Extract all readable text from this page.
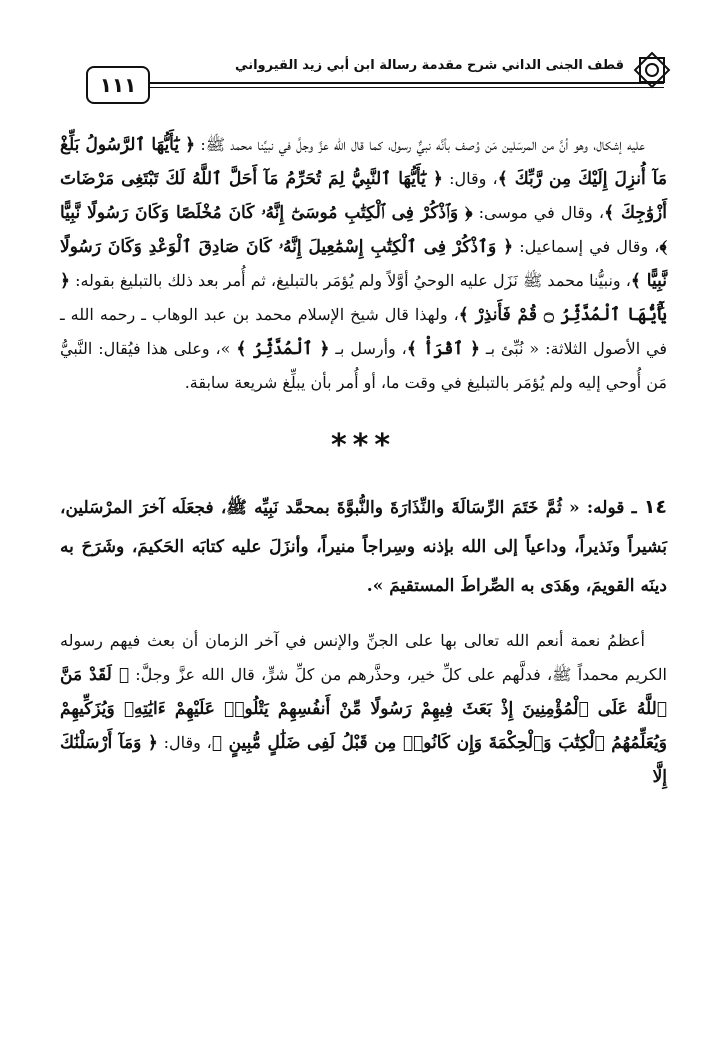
١١١
قطف الجنى الداني شرح مقدمة رسالة ابن أبي زيد القيرواني

عليه إشكال، وهو أنَّ من المرسَلين مَن وُصف بأنَّه نبيٌّ رسول، كما قال الله عزَّ وجلَّ في نبيِّنا محمد ﷺ: ﴿ يَٰٓأَيُّهَا ٱلرَّسُولُ بَلِّغْ مَآ أُنزِلَ إِلَيْكَ مِن رَّبِّكَ ﴾، وقال: ﴿ يَٰٓأَيُّهَا ٱلنَّبِيُّ لِمَ تُحَرِّمُ مَآ أَحَلَّ ٱللَّهُ لَكَ تَبْتَغِى مَرْضَاتَ أَزْوَٰجِكَ ﴾، وقال في موسى: ﴿ وَٱذْكُرْ فِى ٱلْكِتَٰبِ مُوسَىٰٓ إِنَّهُۥ كَانَ مُخْلَصًا وَكَانَ رَسُولًا نَّبِيًّا ﴾، وقال في إسماعيل: ﴿ وَٱذْكُرْ فِى ٱلْكِتَٰبِ إِسْمَٰعِيلَ إِنَّهُۥ كَانَ صَادِقَ ٱلْوَعْدِ وَكَانَ رَسُولًا نَّبِيًّا ﴾، ونبيُّنا محمد ﷺ نَزَل عليه الوحيُ أوَّلاً ولم يُؤمَر بالتبليغ، ثم أُمر بعد ذلك بالتبليغ بقوله: ﴿ يَٰٓأَيُّهَا ٱلْمُدَّثِّرُ ۝ قُمْ فَأَنذِرْ ﴾، ولهذا قال شيخ الإسلام محمد بن عبد الوهاب ـ رحمه الله ـ في الأصول الثلاثة: « نُبِّئ بـ ﴿ ٱقْرَأْ ﴾، وأرسل بـ ﴿ ٱلْمُدَّثِّرُ ﴾ »، وعلى هذا فيُقال: النَّبيُّ مَن أُوحي إليه ولم يُؤمَر بالتبليغ في وقت ما، أو أُمر بأن يبلِّغ شريعة سابقة.

***

١٤ ـ قوله: « ثُمَّ خَتَمَ الرِّسَالَةَ والنِّذَارَةَ والنُّبوَّةَ بمحمَّد نَبِيِّه ﷺ، فجعَلَه آخرَ المرْسَلين، بَشيراً ونَذيراً، وداعياً إلى الله بإذنه وسِراجاً منيراً، وأنزَلَ عليه كتابَه الحَكيمَ، وشَرَحَ به دينَه القويمَ، وهَدَى به الصِّراطَ المستقيمَ ».

أعظمُ نعمة أنعم الله تعالى بها على الجنِّ والإنس في آخر الزمان أن بعث فيهم رسوله الكريم محمداً ﷺ، فدلَّهم على كلِّ خير، وحذَّرهم من كلِّ شرٍّ، قال الله عزَّ وجلَّ: ﴿ لَقَدْ مَنَّ ٱللَّهُ عَلَى ٱلْمُؤْمِنِينَ إِذْ بَعَثَ فِيهِمْ رَسُولًا مِّنْ أَنفُسِهِمْ يَتْلُوا۟ عَلَيْهِمْ ءَايَٰتِهِۦ وَيُزَكِّيهِمْ وَيُعَلِّمُهُمُ ٱلْكِتَٰبَ وَٱلْحِكْمَةَ وَإِن كَانُوا۟ مِن قَبْلُ لَفِى ضَلَٰلٍ مُّبِينٍ ﴾، وقال: ﴿ وَمَآ أَرْسَلْنَٰكَ إِلَّا
